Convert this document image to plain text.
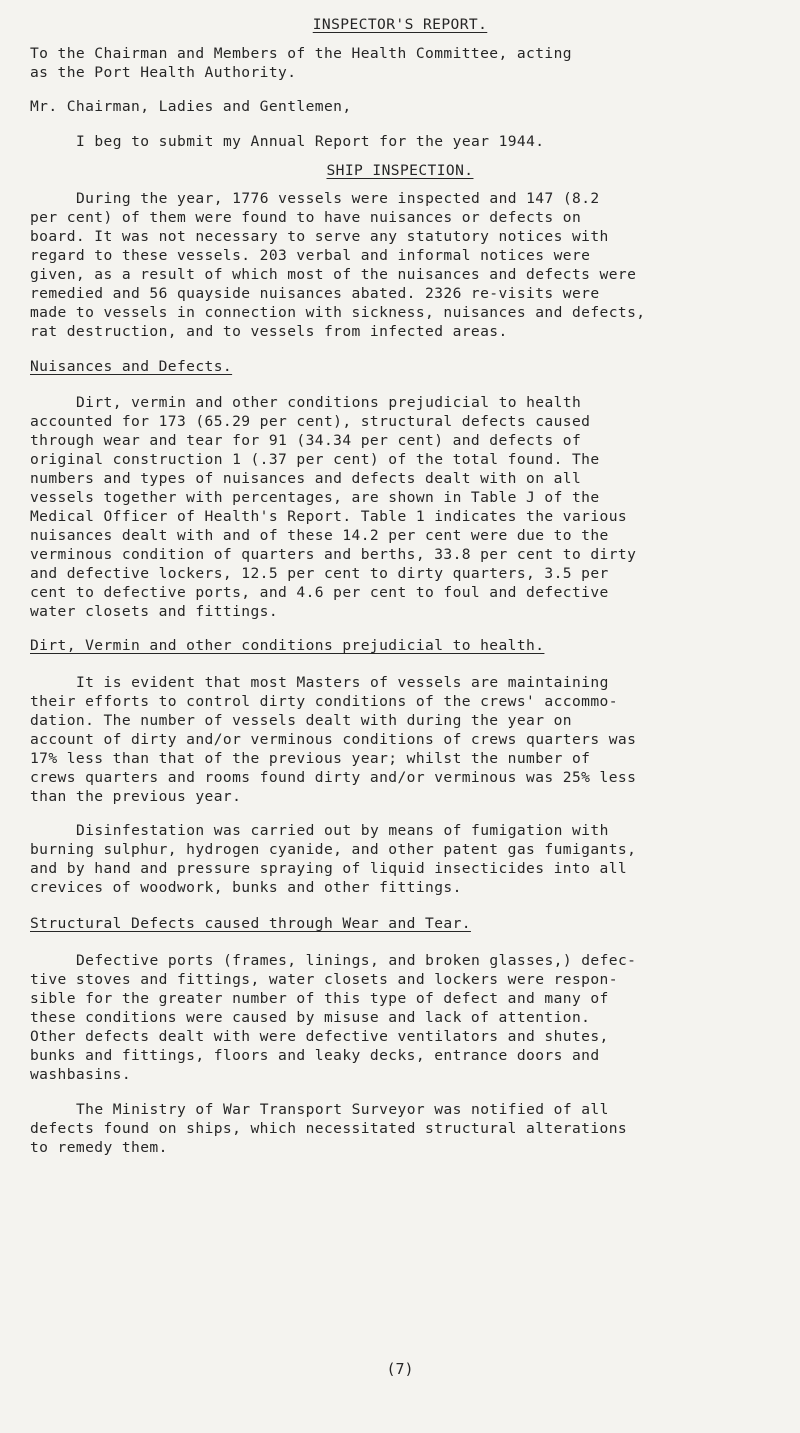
INSPECTOR'S REPORT.
To the Chairman and Members of the Health Committee, acting
as the Port Health Authority.
Mr. Chairman, Ladies and Gentlemen,
I beg to submit my Annual Report for the year 1944.
SHIP INSPECTION.
During the year, 1776 vessels were inspected and 147 (8.2
per cent) of them were found to have nuisances or defects on
board. It was not necessary to serve any statutory notices with
regard to these vessels. 203 verbal and informal notices were
given, as a result of which most of the nuisances and defects were
remedied and 56 quayside nuisances abated. 2326 re-visits were
made to vessels in connection with sickness, nuisances and defects,
rat destruction, and to vessels from infected areas.
Nuisances and Defects.
Dirt, vermin and other conditions prejudicial to health
accounted for 173 (65.29 per cent), structural defects caused
through wear and tear for 91 (34.34 per cent) and defects of
original construction 1 (.37 per cent) of the total found. The
numbers and types of nuisances and defects dealt with on all
vessels together with percentages, are shown in Table J of the
Medical Officer of Health's Report. Table 1 indicates the various
nuisances dealt with and of these 14.2 per cent were due to the
verminous condition of quarters and berths, 33.8 per cent to dirty
and defective lockers, 12.5 per cent to dirty quarters, 3.5 per
cent to defective ports, and 4.6 per cent to foul and defective
water closets and fittings.
Dirt, Vermin and other conditions prejudicial to health.
It is evident that most Masters of vessels are maintaining
their efforts to control dirty conditions of the crews' accommo-
dation. The number of vessels dealt with during the year on
account of dirty and/or verminous conditions of crews quarters was
17% less than that of the previous year; whilst the number of
crews quarters and rooms found dirty and/or verminous was 25% less
than the previous year.
Disinfestation was carried out by means of fumigation with
burning sulphur, hydrogen cyanide, and other patent gas fumigants,
and by hand and pressure spraying of liquid insecticides into all
crevices of woodwork, bunks and other fittings.
Structural Defects caused through Wear and Tear.
Defective ports (frames, linings, and broken glasses,) defec-
tive stoves and fittings, water closets and lockers were respon-
sible for the greater number of this type of defect and many of
these conditions were caused by misuse and lack of attention.
Other defects dealt with were defective ventilators and shutes,
bunks and fittings, floors and leaky decks, entrance doors and
washbasins.
The Ministry of War Transport Surveyor was notified of all
defects found on ships, which necessitated structural alterations
to remedy them.
(7)
